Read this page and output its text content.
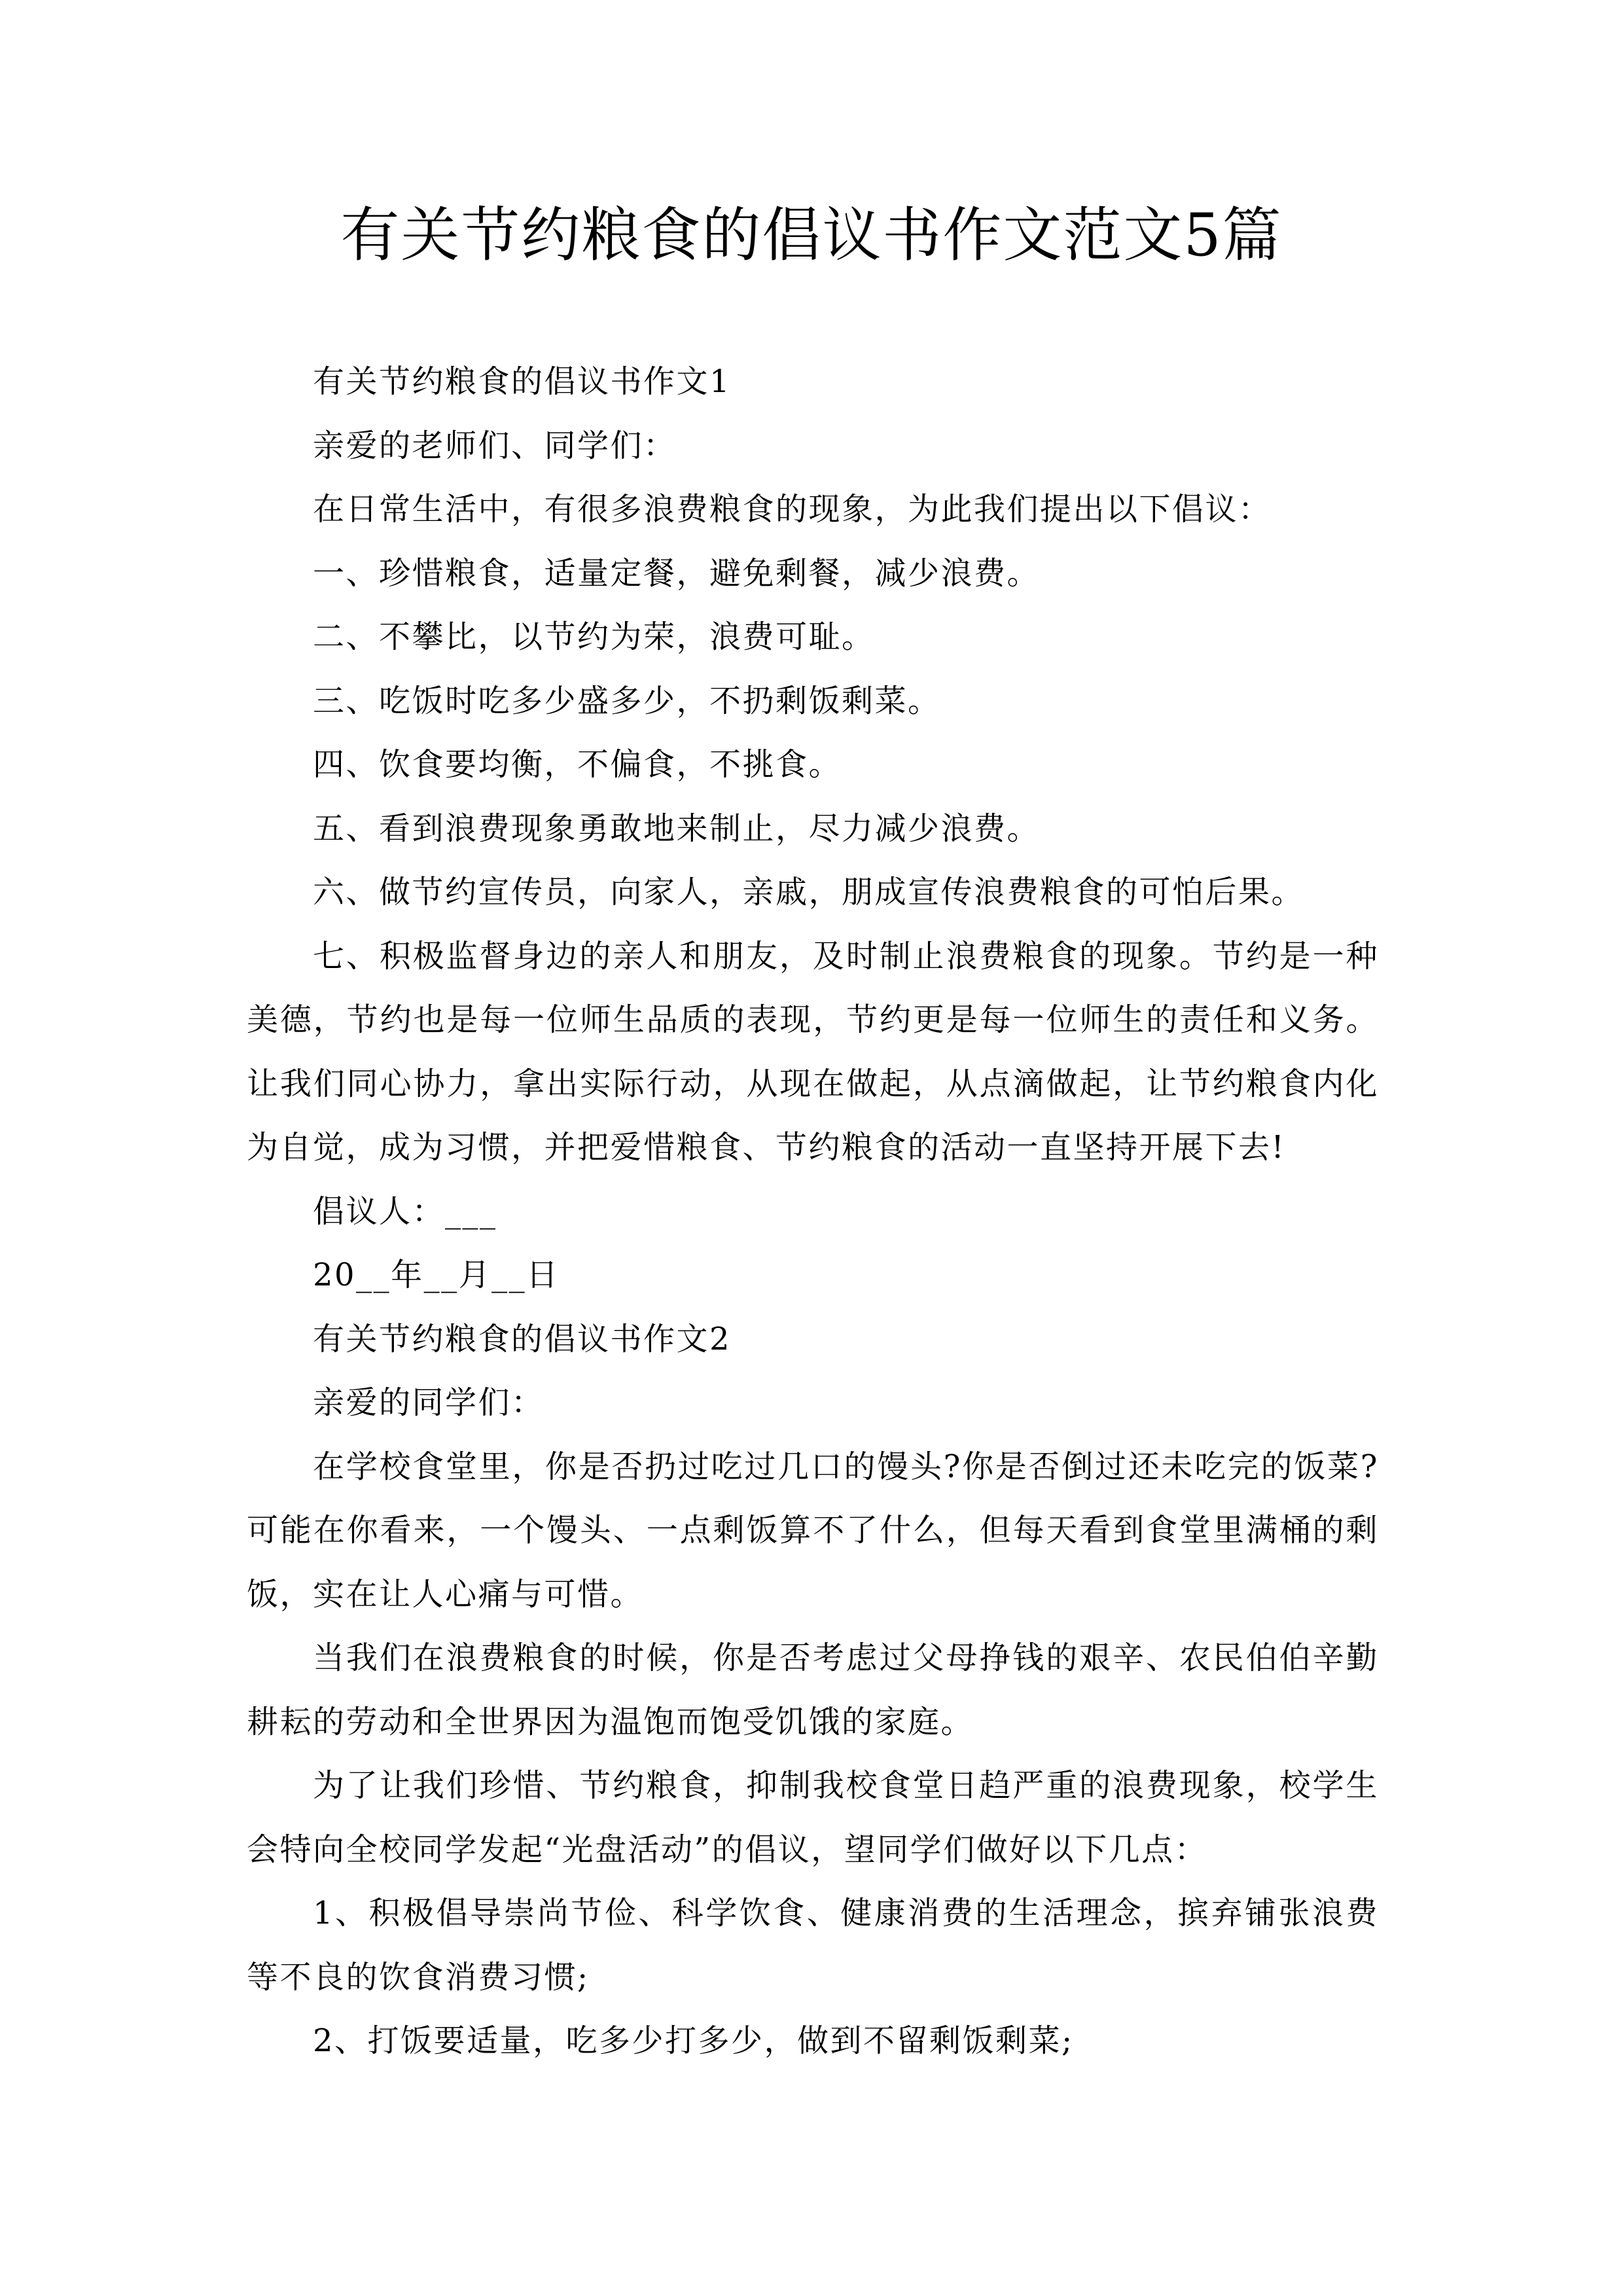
有关节约粮食的倡议书作文范文5篇

有关节约粮食的倡议书作文1

亲爱的老师们、同学们：

在日常生活中，有很多浪费粮食的现象，为此我们提出以下倡议：

一、珍惜粮食，适量定餐，避免剩餐，减少浪费。

二、不攀比，以节约为荣，浪费可耻。

三、吃饭时吃多少盛多少，不扔剩饭剩菜。

四、饮食要均衡，不偏食，不挑食。

五、看到浪费现象勇敢地来制止，尽力减少浪费。

六、做节约宣传员，向家人，亲戚，朋成宣传浪费粮食的可怕后果。

七、积极监督身边的亲人和朋友，及时制止浪费粮食的现象。节约是一种美德，节约也是每一位师生品质的表现，节约更是每一位师生的责任和义务。让我们同心协力，拿出实际行动，从现在做起，从点滴做起，让节约粮食内化为自觉，成为习惯，并把爱惜粮食、节约粮食的活动一直坚持开展下去!

倡议人：___

20__年__月__日

有关节约粮食的倡议书作文2

亲爱的同学们：

在学校食堂里，你是否扔过吃过几口的馒头?你是否倒过还未吃完的饭菜?可能在你看来，一个馒头、一点剩饭算不了什么，但每天看到食堂里满桶的剩饭，实在让人心痛与可惜。

当我们在浪费粮食的时候，你是否考虑过父母挣钱的艰辛、农民伯伯辛勤耕耘的劳动和全世界因为温饱而饱受饥饿的家庭。

为了让我们珍惜、节约粮食，抑制我校食堂日趋严重的浪费现象，校学生会特向全校同学发起“光盘活动”的倡议，望同学们做好以下几点：

1、积极倡导崇尚节俭、科学饮食、健康消费的生活理念，摈弃铺张浪费等不良的饮食消费习惯;

2、打饭要适量，吃多少打多少，做到不留剩饭剩菜;
